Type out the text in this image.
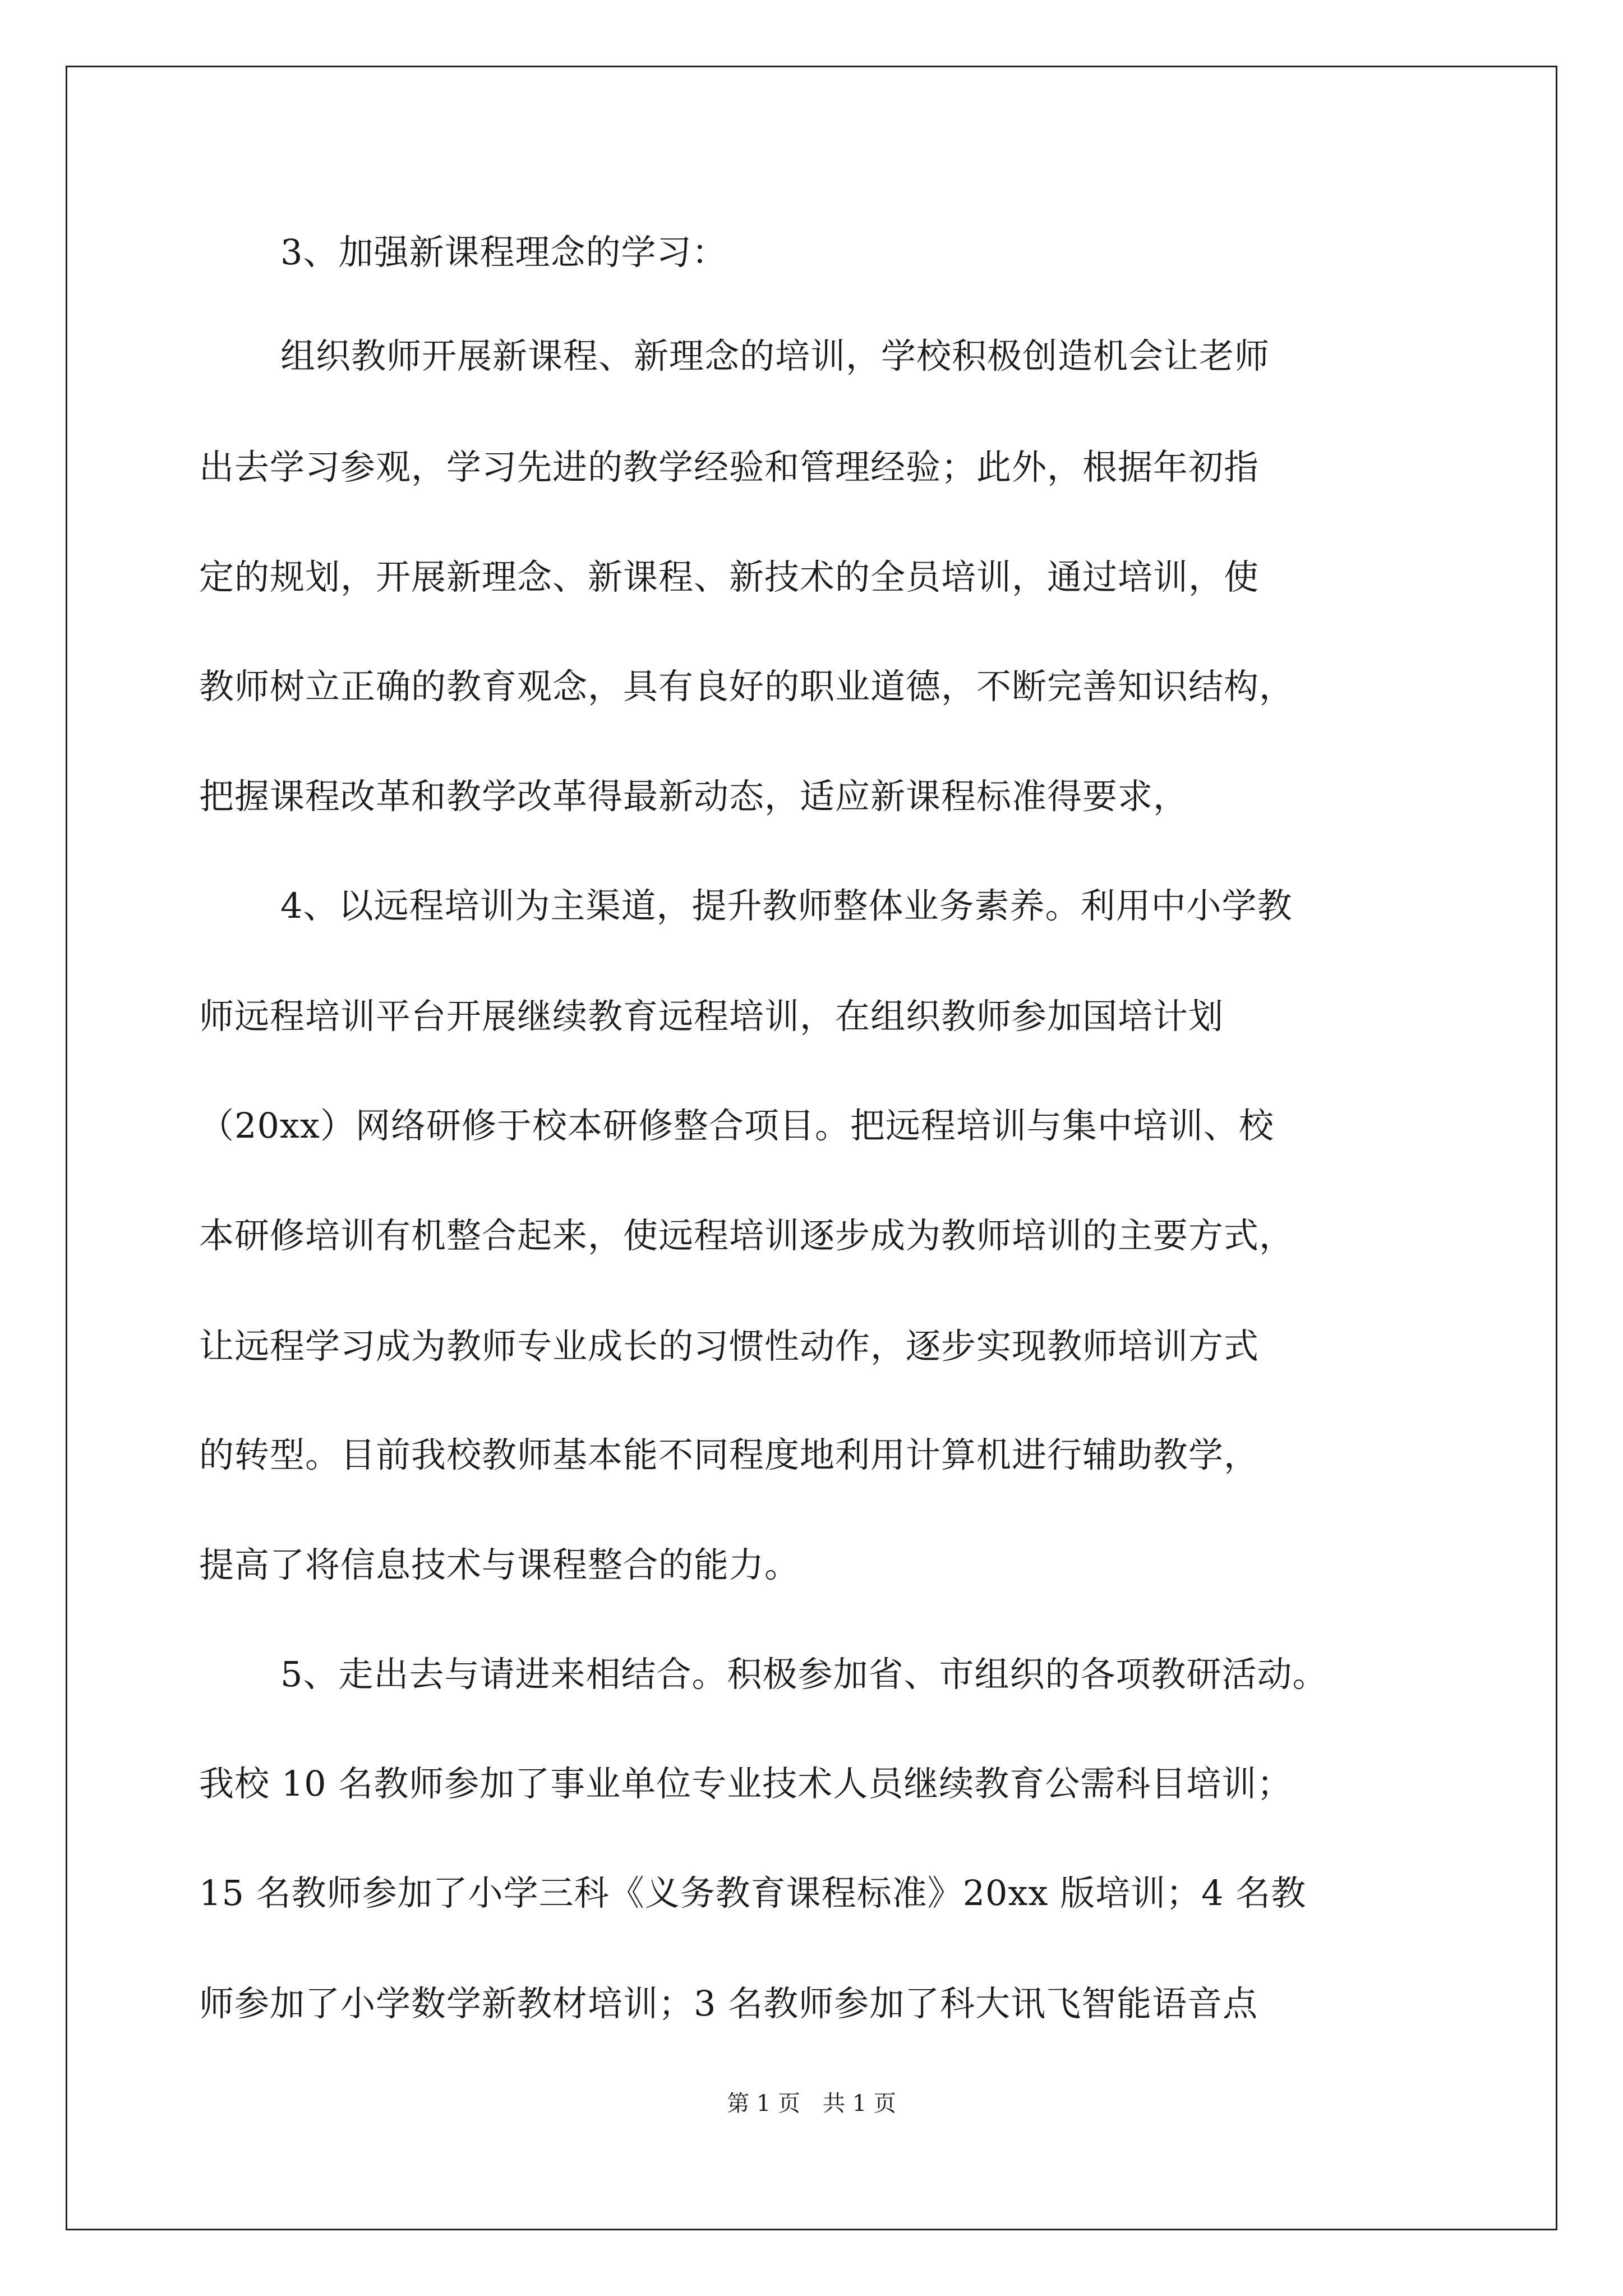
3、加强新课程理念的学习：
组织教师开展新课程、新理念的培训，学校积极创造机会让老师
出去学习参观，学习先进的教学经验和管理经验；此外，根据年初指
定的规划，开展新理念、新课程、新技术的全员培训，通过培训，使
教师树立正确的教育观念，具有良好的职业道德，不断完善知识结构，
把握课程改革和教学改革得最新动态，适应新课程标准得要求，
4、以远程培训为主渠道，提升教师整体业务素养。利用中小学教
师远程培训平台开展继续教育远程培训，在组织教师参加国培计划
（20xx）网络研修于校本研修整合项目。把远程培训与集中培训、校
本研修培训有机整合起来，使远程培训逐步成为教师培训的主要方式，
让远程学习成为教师专业成长的习惯性动作，逐步实现教师培训方式
的转型。目前我校教师基本能不同程度地利用计算机进行辅助教学，
提高了将信息技术与课程整合的能力。
5、走出去与请进来相结合。积极参加省、市组织的各项教研活动。
我校 10 名教师参加了事业单位专业技术人员继续教育公需科目培训；
15 名教师参加了小学三科《义务教育课程标准》20xx 版培训；4 名教
师参加了小学数学新教材培训；3 名教师参加了科大讯飞智能语音点
第 1 页　共 1 页
